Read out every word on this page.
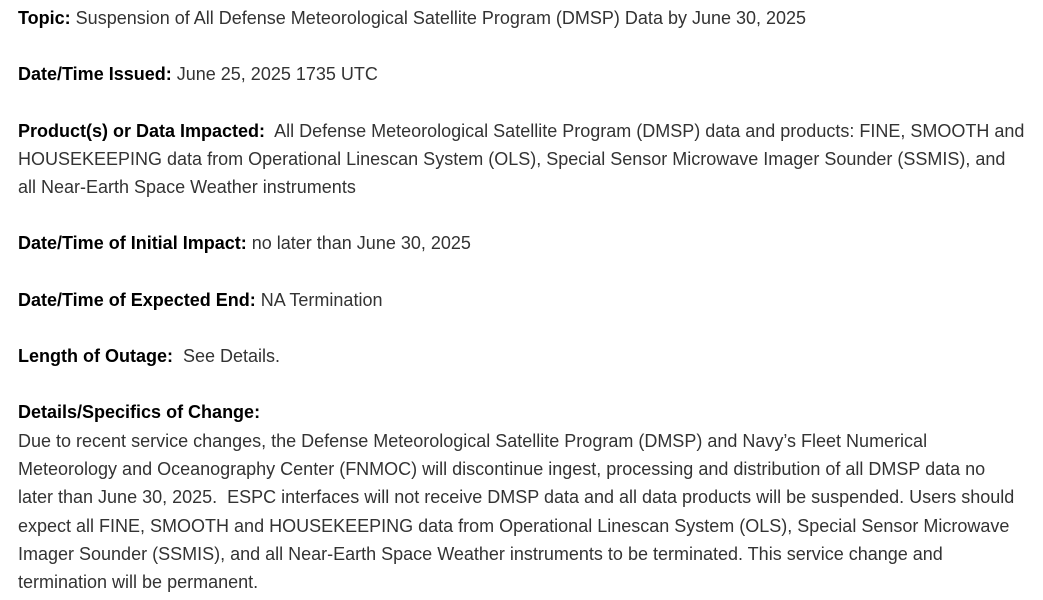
Topic: Suspension of All Defense Meteorological Satellite Program (DMSP) Data by June 30, 2025

Date/Time Issued: June 25, 2025 1735 UTC

Product(s) or Data Impacted: All Defense Meteorological Satellite Program (DMSP) data and products: FINE, SMOOTH and HOUSEKEEPING data from Operational Linescan System (OLS), Special Sensor Microwave Imager Sounder (SSMIS), and all Near-Earth Space Weather instruments

Date/Time of Initial Impact: no later than June 30, 2025

Date/Time of Expected End: NA Termination

Length of Outage: See Details.

Details/Specifics of Change:

Due to recent service changes, the Defense Meteorological Satellite Program (DMSP) and Navy’s Fleet Numerical Meteorology and Oceanography Center (FNMOC) will discontinue ingest, processing and distribution of all DMSP data no later than June 30, 2025.  ESPC interfaces will not receive DMSP data and all data products will be suspended. Users should expect all FINE, SMOOTH and HOUSEKEEPING data from Operational Linescan System (OLS), Special Sensor Microwave Imager Sounder (SSMIS), and all Near-Earth Space Weather instruments to be terminated. This service change and termination will be permanent.
